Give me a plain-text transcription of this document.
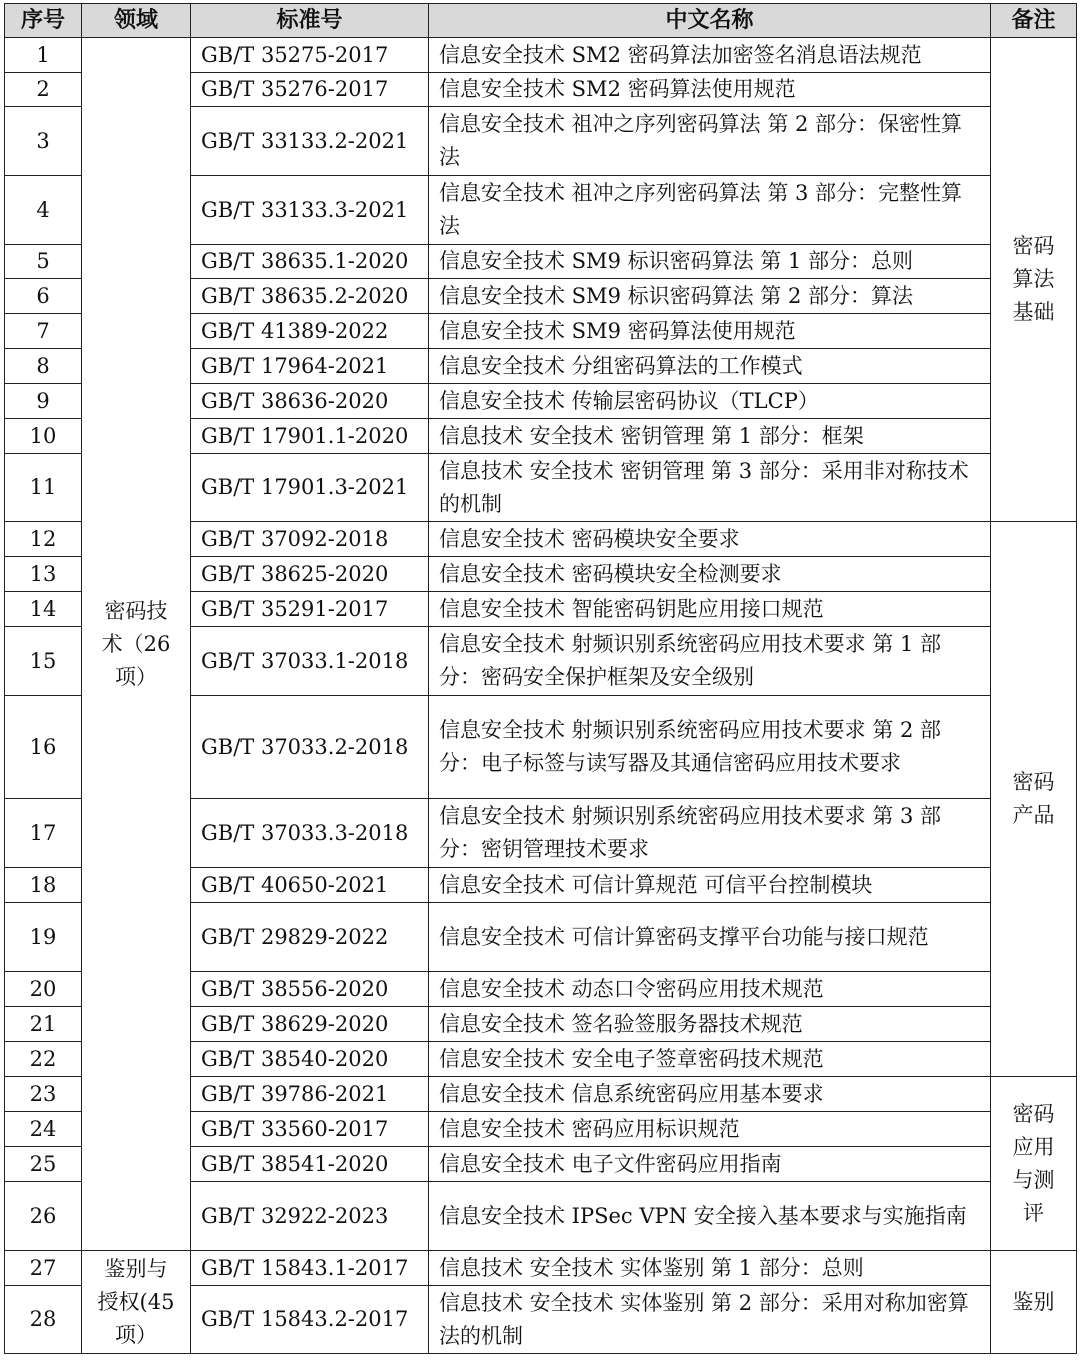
序号	领域	标准号	中文名称	备注
1	密码技 术（26 项）	GB/T 35275-2017	信息安全技术 SM2 密码算法加密签名消息语法规范	密码 算法 基础
2		GB/T 35276-2017	信息安全技术 SM2 密码算法使用规范	
3		GB/T 33133.2-2021	信息安全技术 祖冲之序列密码算法 第 2 部分：保密性算法	
4		GB/T 33133.3-2021	信息安全技术 祖冲之序列密码算法 第 3 部分：完整性算法	
5		GB/T 38635.1-2020	信息安全技术 SM9 标识密码算法 第 1 部分：总则	
6		GB/T 38635.2-2020	信息安全技术 SM9 标识密码算法 第 2 部分：算法	
7		GB/T 41389-2022	信息安全技术 SM9 密码算法使用规范	
8		GB/T 17964-2021	信息安全技术 分组密码算法的工作模式	
9		GB/T 38636-2020	信息安全技术 传输层密码协议（TLCP）	
10		GB/T 17901.1-2020	信息技术 安全技术 密钥管理 第 1 部分：框架	
11		GB/T 17901.3-2021	信息技术 安全技术 密钥管理 第 3 部分：采用非对称技术的机制	
12		GB/T 37092-2018	信息安全技术 密码模块安全要求	密码 产品
13		GB/T 38625-2020	信息安全技术 密码模块安全检测要求	
14		GB/T 35291-2017	信息安全技术 智能密码钥匙应用接口规范	
15		GB/T 37033.1-2018	信息安全技术 射频识别系统密码应用技术要求 第 1 部分：密码安全保护框架及安全级别	
16		GB/T 37033.2-2018	信息安全技术 射频识别系统密码应用技术要求 第 2 部分：电子标签与读写器及其通信密码应用技术要求	
17		GB/T 37033.3-2018	信息安全技术 射频识别系统密码应用技术要求 第 3 部分：密钥管理技术要求	
18		GB/T 40650-2021	信息安全技术 可信计算规范 可信平台控制模块	
19		GB/T 29829-2022	信息安全技术 可信计算密码支撑平台功能与接口规范	
20		GB/T 38556-2020	信息安全技术 动态口令密码应用技术规范	
21		GB/T 38629-2020	信息安全技术 签名验签服务器技术规范	
22		GB/T 38540-2020	信息安全技术 安全电子签章密码技术规范	
23		GB/T 39786-2021	信息安全技术 信息系统密码应用基本要求	密码 应用 与测 评
24		GB/T 33560-2017	信息安全技术 密码应用标识规范	
25		GB/T 38541-2020	信息安全技术 电子文件密码应用指南	
26		GB/T 32922-2023	信息安全技术 IPSec VPN 安全接入基本要求与实施指南	
27	鉴别与 授权(45 项）	GB/T 15843.1-2017	信息技术 安全技术 实体鉴别 第 1 部分：总则	鉴别
28		GB/T 15843.2-2017	信息技术 安全技术 实体鉴别 第 2 部分：采用对称加密算法的机制	
